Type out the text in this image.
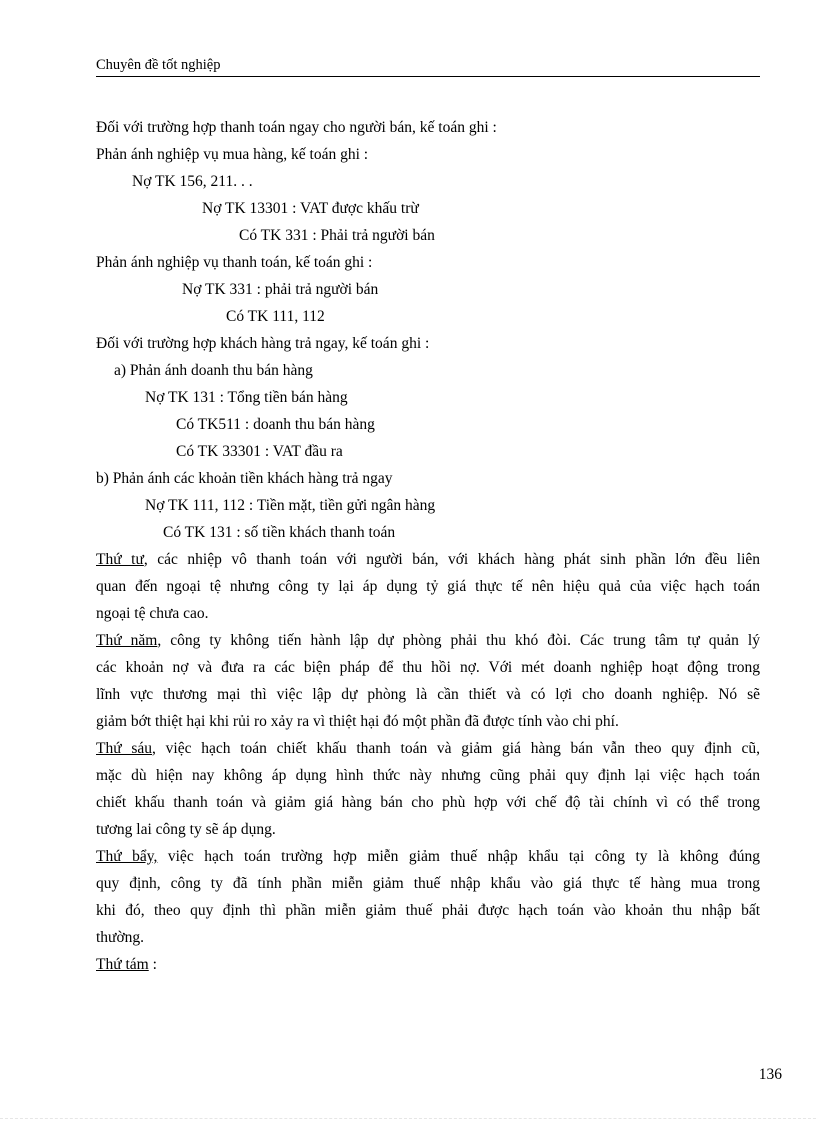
Chuyên đề tốt nghiệp
Đối với trường hợp thanh toán ngay cho người bán, kế toán ghi :
Phản ánh nghiệp vụ mua hàng, kế toán ghi :
Nợ TK 156, 211. . .
Nợ TK 13301 : VAT được khấu trừ
Có TK 331 : Phải trả người bán
Phản ánh nghiệp vụ thanh toán, kế toán ghi :
Nợ TK 331 : phải trả người bán
Có TK 111, 112
Đối với trường hợp khách hàng trả ngay, kế toán ghi :
a) Phản ánh doanh thu bán hàng
Nợ TK 131 : Tổng tiền bán hàng
Có TK511 : doanh thu bán hàng
Có TK 33301 : VAT đầu ra
b) Phản ánh các khoản tiền khách hàng trả ngay
Nợ TK 111, 112 : Tiền mặt, tiền gửi ngân hàng
Có TK 131 : số tiền khách thanh toán
Thứ tư, các nhiệp vô thanh toán với người bán, với khách hàng phát sinh phần lớn đều liên
quan đến ngoại tệ nhưng công ty lại áp dụng tỷ giá thực tế nên hiệu quả của việc hạch toán
ngoại tệ chưa cao.
Thứ năm, công ty không tiến hành lập dự phòng phải thu khó đòi. Các trung tâm tự quản lý
các khoản nợ và đưa ra các biện pháp để thu hồi nợ. Với mét doanh nghiệp hoạt động trong
lĩnh vực thương mại thì việc lập dự phòng là cần thiết và có lợi cho doanh nghiệp. Nó sẽ
giảm bớt thiệt hại khi rủi ro xảy ra vì thiệt hại đó một phần đã được tính vào chi phí.
Thứ sáu, việc hạch toán chiết khấu thanh toán và giảm giá hàng bán vẫn theo quy định cũ,
mặc dù hiện nay không áp dụng hình thức này nhưng cũng phải quy định lại việc hạch toán
chiết khấu thanh toán và giảm giá hàng bán cho phù hợp với chế độ tài chính vì có thể trong
tương lai công ty sẽ áp dụng.
Thứ bẩy, việc hạch toán trường hợp miễn giảm thuế nhập khẩu tại công ty là không đúng
quy định, công ty đã tính phần miễn giảm thuế nhập khẩu vào giá thực tế hàng mua trong
khi đó, theo quy định thì phần miễn giảm thuế phải được hạch toán vào khoản thu nhập bất
thường.
Thứ tám :
136
